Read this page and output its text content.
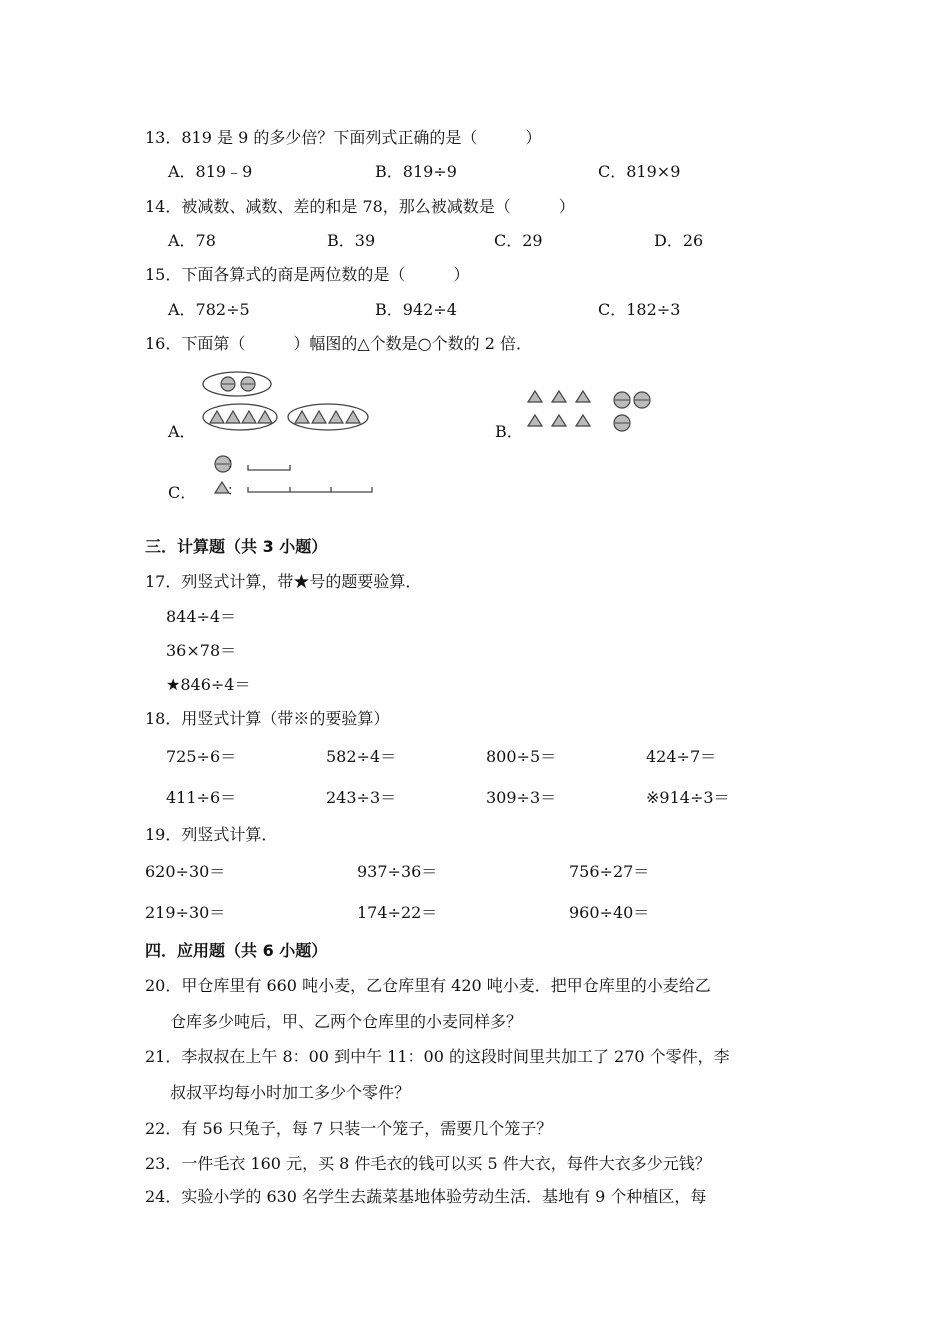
13．819 是 9 的多少倍？下面列式正确的是（　　　）
A．819﹣9	B．819÷9	C．819×9
14．被减数、减数、差的和是 78，那么被减数是（　　　）
A．78	B．39	C．29	D．26
15．下面各算式的商是两位数的是（　　　）
A．782÷5	B．942÷4	C．182÷3
16．下面第（　　　）幅图的△个数是○个数的 2 倍．
A．	B．
C．
：
：
三．计算题（共 3 小题）
17．列竖式计算，带★号的题要验算．
844÷4＝
36×78＝
★846÷4＝
18．用竖式计算（带※的要验算）
725÷6＝	582÷4＝	800÷5＝	424÷7＝
411÷6＝	243÷3＝	309÷3＝	※914÷3＝
19．列竖式计算．
620÷30＝	937÷36＝	756÷27＝
219÷30＝	174÷22＝	960÷40＝
四．应用题（共 6 小题）
20．甲仓库里有 660 吨小麦，乙仓库里有 420 吨小麦．把甲仓库里的小麦给乙
仓库多少吨后，甲、乙两个仓库里的小麦同样多？
21．李叔叔在上午 8：00 到中午 11：00 的这段时间里共加工了 270 个零件，李
叔叔平均每小时加工多少个零件？
22．有 56 只兔子，每 7 只装一个笼子，需要几个笼子？
23．一件毛衣 160 元，买 8 件毛衣的钱可以买 5 件大衣，每件大衣多少元钱？
24．实验小学的 630 名学生去蔬菜基地体验劳动生活．基地有 9 个种植区，每
